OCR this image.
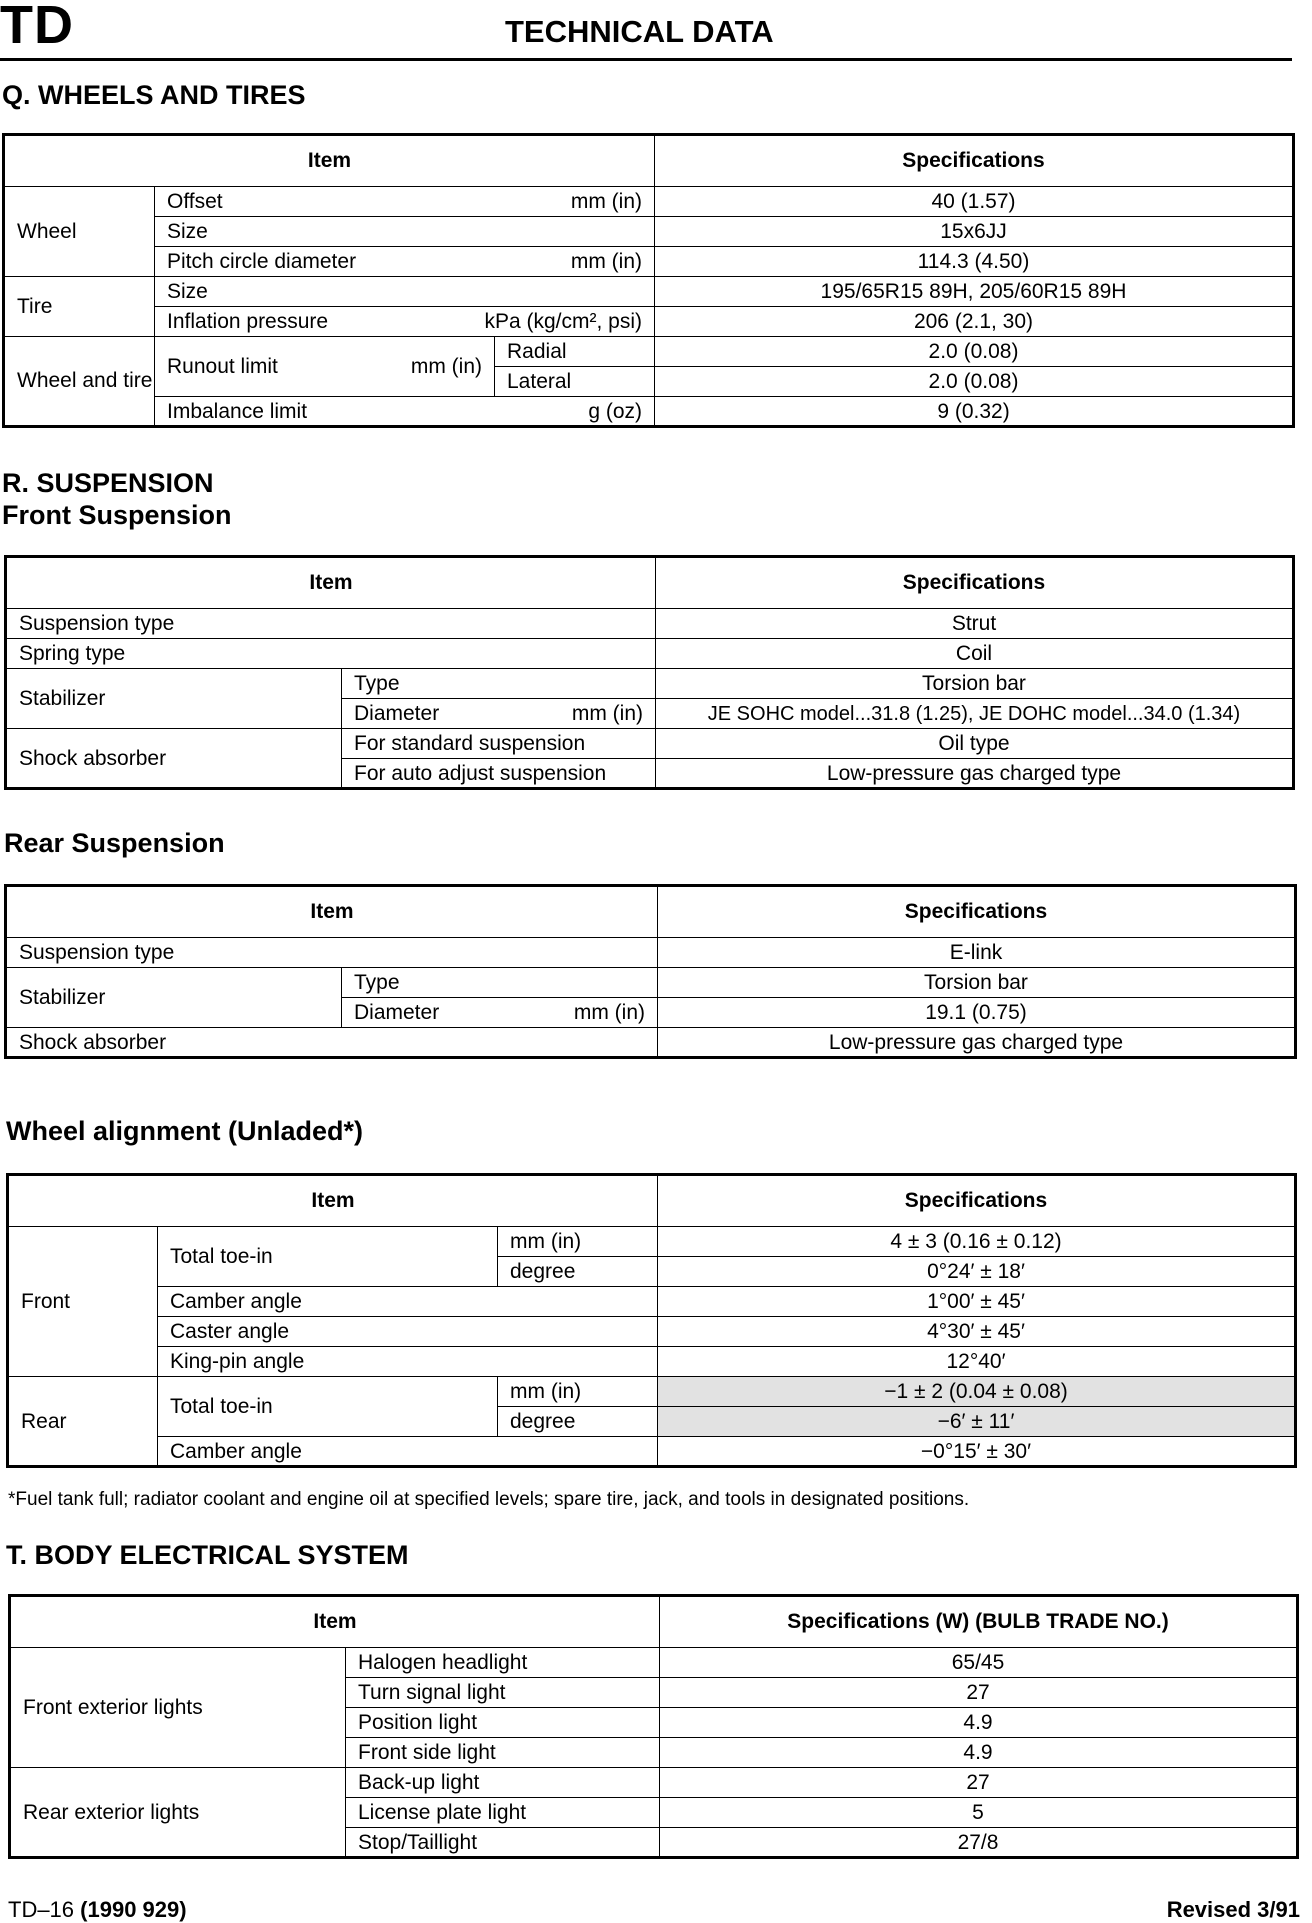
TD	TECHNICAL DATA
Q. WHEELS AND TIRES
Item			Specifications
Wheel	Offset mm (in)		40 (1.57)
	Size		15x6JJ

	Pitch circle diameter mm (in)		114.3 (4.50)
Tire	Size		195/65R15 89H, 205/60R15 89H

	Inflation pressure kPa (kg/cm², psi)		206 (2.1, 30)
Wheel and tire	Runout limit mm (in)	Radial	2.0 (0.08)
		Lateral	2.0 (0.08)

	Imbalance limit g (oz)		9 (0.32)
R. SUSPENSION
Front Suspension
Item		Specifications
Suspension type		Strut
Spring type		Coil
Stabilizer	Type	Torsion bar

	Diameter mm (in)	JE SOHC model...31.8 (1.25), JE DOHC model...34.0 (1.34)
Shock absorber	For standard suspension	Oil type
	For auto adjust suspension	Low-pressure gas charged type
Rear Suspension
Item		Specifications
Suspension type		E-link
Stabilizer	Type	Torsion bar

	Diameter mm (in)	19.1 (0.75)
Shock absorber		Low-pressure gas charged type
Wheel alignment (Unladed*)
Item			Specifications
Front	Total toe-in	mm (in)	4 ± 3 (0.16 ± 0.12)
		degree	0°24′ ± 18′
	Camber angle		1°00′ ± 45′
	Caster angle		4°30′ ± 45′
	King-pin angle		12°40′
Rear	Total toe-in	mm (in)	−1 ± 2 (0.04 ± 0.08)
		degree	−6′ ± 11′
	Camber angle		−0°15′ ± 30′
*Fuel tank full; radiator coolant and engine oil at specified levels; spare tire, jack, and tools in designated positions.
T. BODY ELECTRICAL SYSTEM
Item		Specifications (W) (BULB TRADE NO.)
Front exterior lights	Halogen headlight	65/45
	Turn signal light	27
	Position light	4.9
	Front side light	4.9
Rear exterior lights	Back-up light	27
	License plate light	5
	Stop/Taillight	27/8
TD–16 (1990 929)	Revised 3/91
